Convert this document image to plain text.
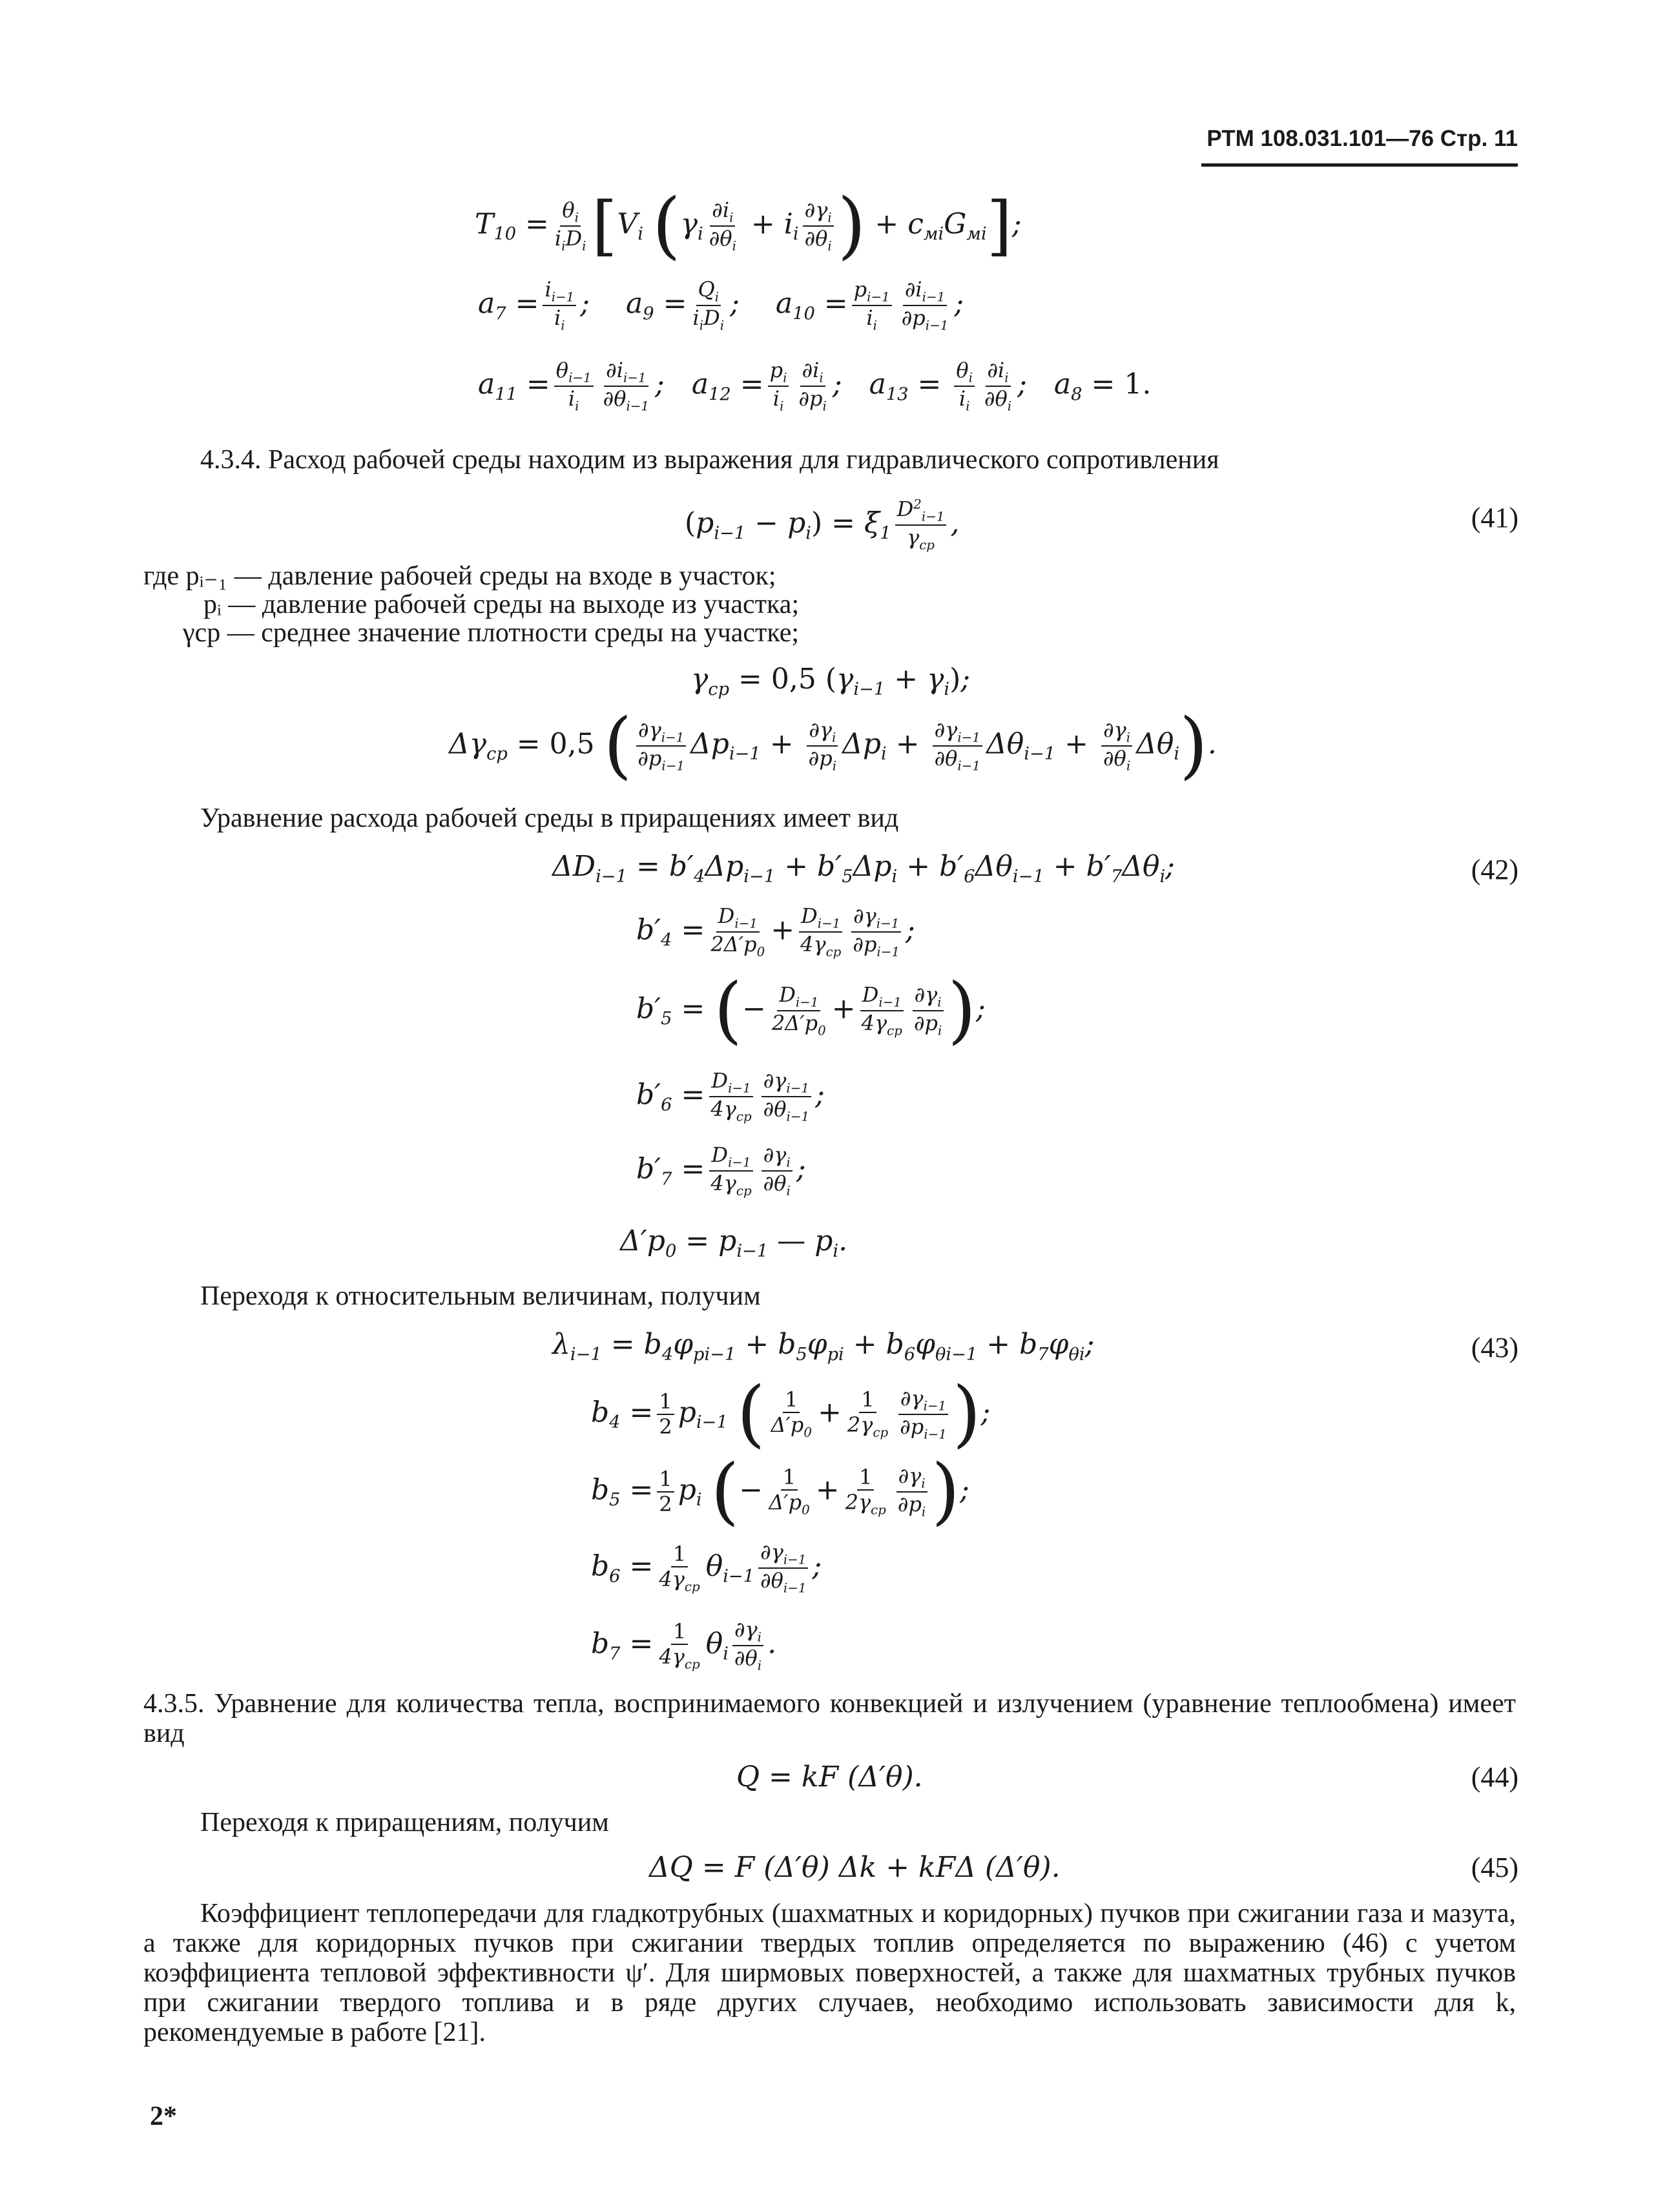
РТМ 108.031.101—76 Стр. 11
$T_{10} = \frac{\theta_i}{i_iD_i} [V_i$ ($\gamma_i \frac{\partial i_i}{\partial\theta_i} + i_i \frac{\partial\gamma_i}{\partial\theta_i}$ ) + $c_{мi}G_{мi}$];
$a_7 = \frac{i_{i-1}}{i_i}$ ;    $a_9 = \frac{Q_i}{i_iD_i}$ ;    $a_{10} = \frac{p_{i-1}}{i_i} \frac{\partial i_{i-1}}{\partial p_{i-1}}$ ;
$a_{11} = \frac{\theta_{i-1}}{i_i} \frac{\partial i_{i-1}}{\partial\theta_{i-1}}$ ;   $a_{12} = \frac{p_i}{i_i} \frac{\partial i_i}{\partial p_i}$ ;   $a_{13} = \frac{\theta_i}{i_i} \frac{\partial i_i}{\partial\theta_i}$ ;   $a_8 = 1$.
4.3.4. Расход рабочей среды находим из выражения для гидравлического сопротивления
$(p_{i-1} - p_i) = \xi_1 \frac{D^2_{i-1}}{\gamma_{ср}}$ ,	(41)
где pᵢ₋₁ — давление рабочей среды на входе в участок;
pᵢ — давление рабочей среды на выходе из участка;
γср — среднее значение плотности среды на участке;
$\gamma_{ср} = 0,5$ $(\gamma_{i-1} + \gamma_i)$;
$\Delta\gamma_{ср} = 0,5$ ( $\frac{\partial\gamma_{i-1}}{\partial p_{i-1}} \Delta p_{i-1} + \frac{\partial\gamma_i}{\partial p_i} \Delta p_i + \frac{\partial\gamma_{i-1}}{\partial\theta_{i-1}} \Delta\theta_{i-1} + \frac{\partial\gamma_i}{\partial\theta_i} \Delta\theta_i$).
Уравнение расхода рабочей среды в приращениях имеет вид
$\Delta D_{i-1} = b'_4\Delta p_{i-1} + b'_5\Delta p_i + b'_6\Delta\theta_{i-1} + b'_7\Delta\theta_i$;	(42)
$b'_4 = \frac{D_{i-1}}{2\Delta'p_0} + \frac{D_{i-1}}{4\gamma_{ср}} \frac{\partial\gamma_{i-1}}{\partial p_{i-1}}$ ;
$b'_5$ = (− $\frac{D_{i-1}}{2\Delta'p_0} + \frac{D_{i-1}}{4\gamma_{ср}} \frac{\partial\gamma_i}{\partial p_i}$ );
$b'_6 = \frac{D_{i-1}}{4\gamma_{ср}} \frac{\partial\gamma_{i-1}}{\partial\theta_{i-1}}$ ;
$b'_7 = \frac{D_{i-1}}{4\gamma_{ср}} \frac{\partial\gamma_i}{\partial\theta_i}$ ;
$\Delta'p_0 = p_{i-1}$ — $p_i$.
Переходя к относительным величинам, получим
$\lambda_{i-1} = b_4\varphi_{pi-1} + b_5\varphi_{pi} + b_6\varphi_{\theta i-1} + b_7\varphi_{\theta i}$;	(43)
$b_4 = \frac{1}{2} p_{i-1}$ ( $\frac{1}{\Delta'p_0} + \frac{1}{2\gamma_{ср}} \frac{\partial\gamma_{i-1}}{\partial p_{i-1}}$ );
$b_5 = \frac{1}{2} p_i$ (− $\frac{1}{\Delta'p_0} + \frac{1}{2\gamma_{ср}} \frac{\partial\gamma_i}{\partial p_i}$ );
$b_6 = \frac{1}{4\gamma_{ср}} \theta_{i-1} \frac{\partial\gamma_{i-1}}{\partial\theta_{i-1}}$ ;
$b_7 = \frac{1}{4\gamma_{ср}} \theta_i \frac{\partial\gamma_i}{\partial\theta_i}$ .
4.3.5. Уравнение для количества тепла, воспринимаемого конвекцией и излучением (уравнение теплообмена) имеет вид
Q = kF (Δ′θ).	(44)
Переходя к приращениям, получим
ΔQ = F (Δ′θ) Δk + kFΔ (Δ′θ).	(45)
Коэффициент теплопередачи для гладкотрубных (шахматных и коридорных) пучков при сжигании газа и мазута, а также для коридорных пучков при сжигании твердых топлив определяется по выражению (46) с учетом коэффициента тепловой эффективности ψ′. Для ширмовых поверхностей, а также для шахматных трубных пучков при сжигании твердого топлива и в ряде других случаев, необходимо использовать зависимости для k, рекомендуемые в работе [21].
2*
